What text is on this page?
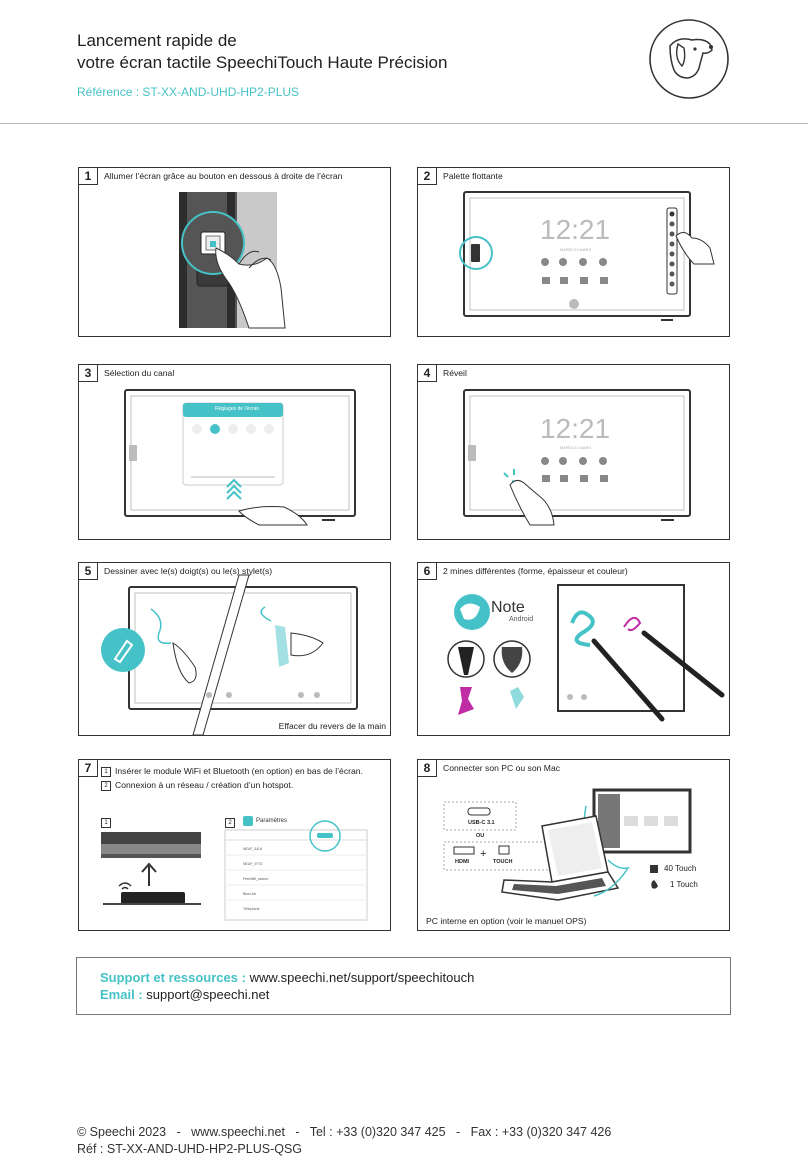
Lancement rapide de
votre écran tactile SpeechiTouch Haute Précision
Référence : ST-XX-AND-UHD-HP2-PLUS
1	Allumer l’écran grâce au bouton en dessous à droite de l’écran	2	Palette flottante
12:21
MARDI 21 MARS
3	Sélection du canal
Réglages de l’écran
4	Réveil
12:21
MARDI 21 MARS
5	Dessiner avec le(s) doigt(s) ou le(s) stylet(s)
Effacer du revers de la main
6	2 mines différentes (forme, épaisseur et couleur)
Note
Android
7	1 Insérer le module WiFi et Bluetooth (en option) en bas de l’écran.
2 Connexion à un réseau / création d’un hotspot.
1	2	Paramètres
NEUF_6JL8
NEUF_9770
FreeWifi_secure
Bbox-bb
Téléphone
8	Connecter son PC ou son Mac
USB-C 3.1
OU
HDMI
+
TOUCH
40 Touch
1 Touch
PC interne en option (voir le manuel OPS)
Support et ressources : www.speechi.net/support/speechitouch
Email : support@speechi.net
© Speechi 2023   -   www.speechi.net   -   Tel : +33 (0)320 347 425   -   Fax : +33 (0)320 347 426
Réf : ST-XX-AND-UHD-HP2-PLUS-QSG
